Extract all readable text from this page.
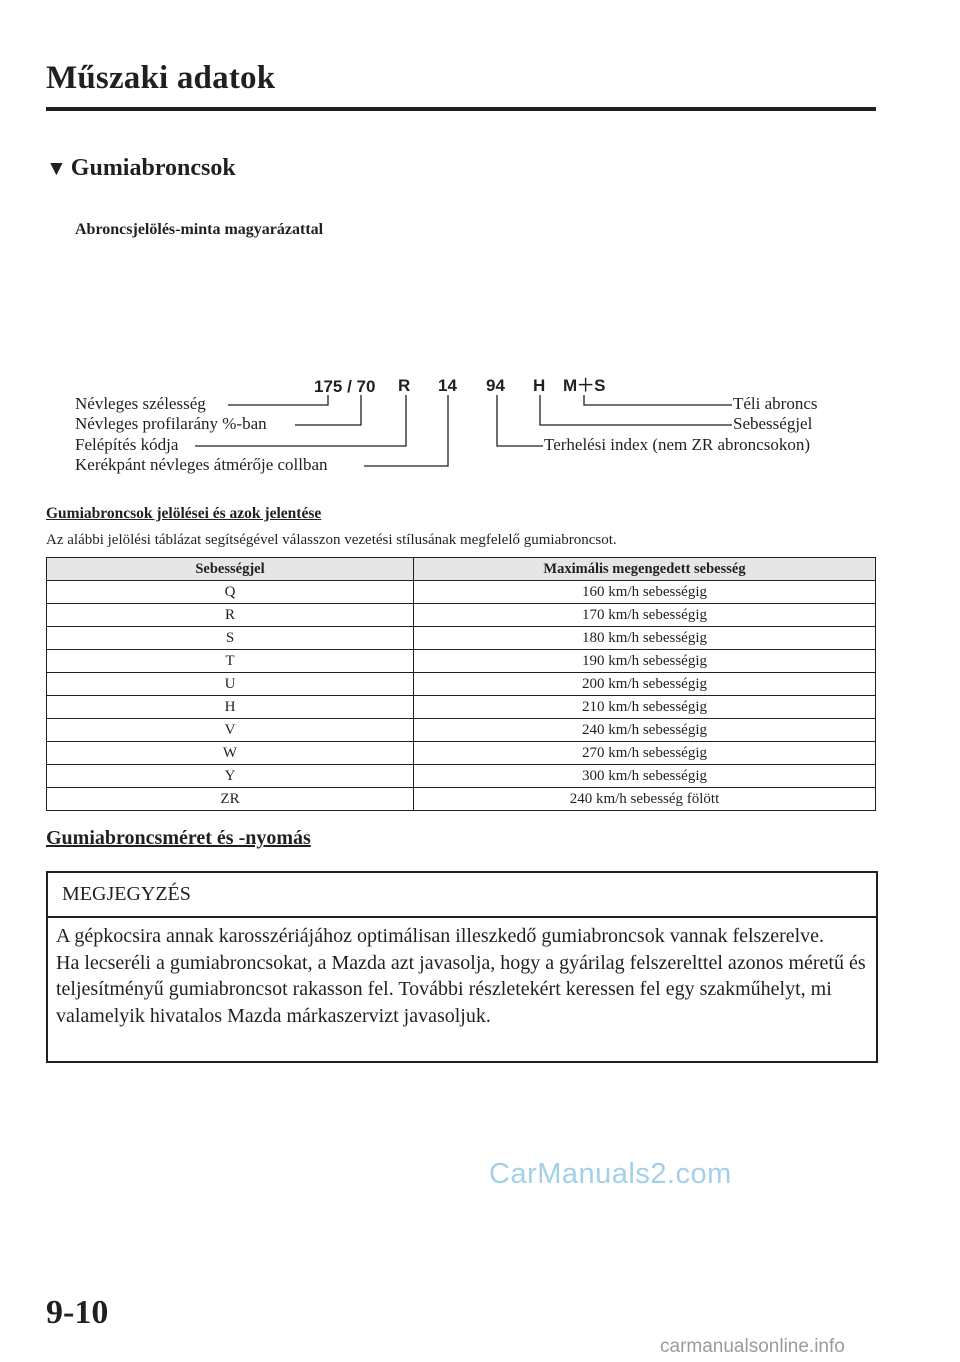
Műszaki adatok
▼ Gumiabroncsok
Abroncsjelölés-minta magyarázattal
175 / 70 R 14 94 H M＋S
Névleges szélesség
Névleges profilarány %-ban
Felépítés kódja
Kerékpánt névleges átmérője collban
Téli abroncs
Sebességjel
Terhelési index (nem ZR abroncsokon)
Gumiabroncsok jelölései és azok jelentése
Az alábbi jelölési táblázat segítségével válasszon vezetési stílusának megfelelő gumiabroncsot.
Sebességjel	Maximális megengedett sebesség
Q	160 km/h sebességig
R	170 km/h sebességig
S	180 km/h sebességig
T	190 km/h sebességig
U	200 km/h sebességig
H	210 km/h sebességig
V	240 km/h sebességig
W	270 km/h sebességig
Y	300 km/h sebességig
ZR	240 km/h sebesség fölött
Gumiabroncsméret és -nyomás
MEGJEGYZÉS
A gépkocsira annak karosszériájához optimálisan illeszkedő gumiabroncsok vannak felszerelve.
Ha lecseréli a gumiabroncsokat, a Mazda azt javasolja, hogy a gyárilag felszerelttel azonos méretű és teljesítményű gumiabroncsot rakasson fel. További részletekért keressen fel egy szakműhelyt, mi valamelyik hivatalos Mazda márkaszervizt javasoljuk.
CarManuals2.com
9-10
carmanualsonline.info
